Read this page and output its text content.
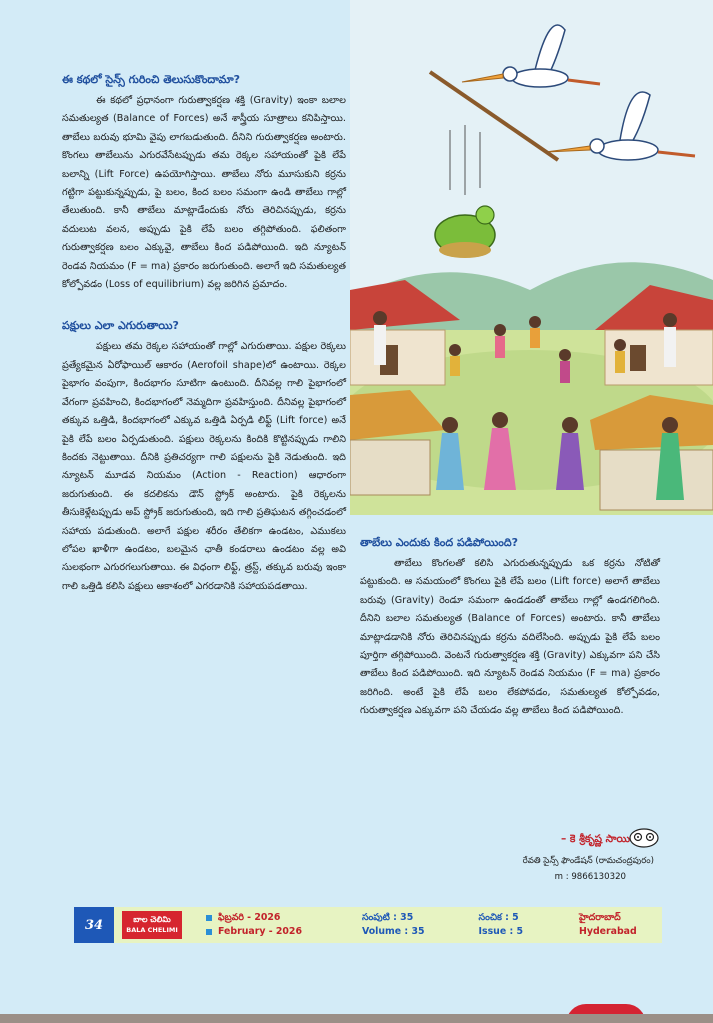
ఈ కథలో సైన్స్ గురించి తెలుసుకొందామా?

ఈ కథలో ప్రధానంగా గురుత్వాకర్షణ శక్తి (Gravity) ఇంకా బలాల సమతుల్యత (Balance of Forces) అనే శాస్త్రీయ సూత్రాలు కనిపిస్తాయి. తాబేలు బరువు భూమి వైపు లాగబడుతుంది. దీనిని గురుత్వాకర్షణ అంటారు. కొంగలు తాబేలును ఎగురవేసేటప్పుడు తమ రెక్కల సహాయంతో పైకి లేపే బలాన్ని (Lift Force) ఉపయోగిస్తాయి. తాబేలు నోరు మూసుకుని కర్రను గట్టిగా పట్టుకున్నప్పుడు, పై బలం, కింద బలం సమంగా ఉండి తాబేలు గాల్లో తేలుతుంది. కానీ తాబేలు మాట్లాడేందుకు నోరు తెరిచినప్పుడు, కర్రను వదులుట వలన, అప్పుడు పైకి లేపే బలం తగ్గిపోతుంది. ఫలితంగా గురుత్వాకర్షణ బలం ఎక్కువై, తాబేలు కింద పడిపోయింది. ఇది న్యూటన్ రెండవ నియమం (F = ma) ప్రకారం జరుగుతుంది. అలాగే ఇది సమతుల్యత కోల్పోవడం (Loss of equilibrium) వల్ల జరిగిన ప్రమాదం.

పక్షులు ఎలా ఎగురుతాయి?

పక్షులు తమ రెక్కల సహాయంతో గాల్లో ఎగురుతాయి. పక్షుల రెక్కలు ప్రత్యేకమైన ఏరోఫాయిల్ ఆకారం (Aerofoil shape)లో ఉంటాయి. రెక్కల పైభాగం వంపుగా, కిందభాగం సూటిగా ఉంటుంది. దీనివల్ల గాలి పైభాగంలో వేగంగా ప్రవహించి, కిందభాగంలో నెమ్మదిగా ప్రవహిస్తుంది. దీనివల్ల పైభాగంలో తక్కువ ఒత్తిడి, కిందభాగంలో ఎక్కువ ఒత్తిడి ఏర్పడి లిఫ్ట్ (Lift force) అనే పైకి లేపే బలం ఏర్పడుతుంది. పక్షులు రెక్కలను కిందికి కొట్టినప్పుడు గాలిని కిందకు నెట్టుతాయి. దీనికి ప్రతిచర్యగా గాలి పక్షులను పైకి నెడుతుంది. ఇది న్యూటన్ మూడవ నియమం (Action - Reaction) ఆధారంగా జరుగుతుంది. ఈ కదలికను డౌన్ స్ట్రోక్ అంటారు. పైకి రెక్కలను తీసుకెళ్లేటప్పుడు అప్ స్ట్రోక్ జరుగుతుంది, ఇది గాలి ప్రతిఘటన తగ్గించడంలో సహాయ పడుతుంది. అలాగే పక్షుల శరీరం తేలికగా ఉండటం, ఎముకలు లోపల ఖాళీగా ఉండటం, బలమైన ఛాతీ కండరాలు ఉండటం వల్ల అవి సులభంగా ఎగురగలుగుతాయి. ఈ విధంగా లిఫ్ట్, త్రస్ట్, తక్కువ బరువు ఇంకా గాలి ఒత్తిడి కలిసి పక్షులు ఆకాశంలో ఎగరడానికి సహాయపడతాయి.

తాబేలు ఎందుకు కింద పడిపోయింది?

తాబేలు కొంగలతో కలిసి ఎగురుతున్నప్పుడు ఒక కర్రను నోటితో పట్టుకుంది. ఆ సమయంలో కొంగలు పైకి లేపే బలం (Lift force) అలాగే తాబేలు బరువు (Gravity) రెండూ సమంగా ఉండడంతో తాబేలు గాల్లో ఉండగలిగింది. దీనిని బలాల సమతుల్యత (Balance of Forces) అంటారు. కానీ తాబేలు మాట్లాడడానికి నోరు తెరిచినప్పుడు కర్రను వదిలేసింది. అప్పుడు పైకి లేపే బలం పూర్తిగా తగ్గిపోయింది. వెంటనే గురుత్వాకర్షణ శక్తి (Gravity) ఎక్కువగా పని చేసి తాబేలు కింద పడిపోయింది. ఇది న్యూటన్ రెండవ నియమం (F = ma) ప్రకారం జరిగింది. అంటే పైకి లేపే బలం లేకపోవడం, సమతుల్యత కోల్పోవడం, గురుత్వాకర్షణ ఎక్కువగా పని చేయడం వల్ల తాబేలు కింద పడిపోయింది.

– కె శ్రీకృష్ణ సాయి
రేవతి సైన్స్ ఫౌండేషన్ (రామచంద్రపురం)
m : 9866130320
34	బాల చెలిమి
BALA CHELIMI
ఫిబ్రవరి - 2026
February - 2026
సంపుటి : 35
Volume : 35
సంచిక : 5
Issue : 5
హైదరాబాద్
Hyderabad
